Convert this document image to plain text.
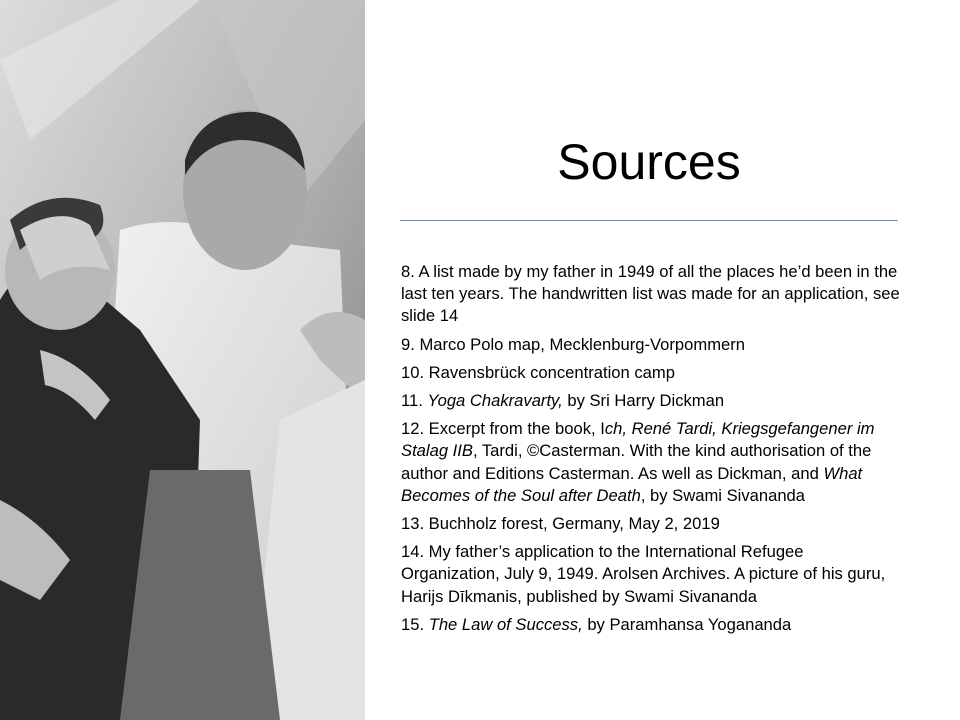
Sources
8. A list made by my father in 1949 of all the places he’d been in the last ten years. The handwritten list was made for an application, see slide 14
9. Marco Polo map, Mecklenburg-Vorpommern
10. Ravensbrück concentration camp
11. Yoga Chakravarty, by Sri Harry Dickman
12. Excerpt from the book, Ich, René Tardi, Kriegsgefangener im Stalag IIB, Tardi, ©Casterman. With the kind authorisation of the author and Editions Casterman. As well as Dickman, and What Becomes of the Soul after Death, by Swami Sivananda
13. Buchholz forest, Germany, May 2, 2019
14. My father’s application to the International Refugee Organization, July 9, 1949. Arolsen Archives. A picture of his guru, Harijs Dīkmanis, published by Swami Sivananda
15. The Law of Success, by Paramhansa Yogananda
